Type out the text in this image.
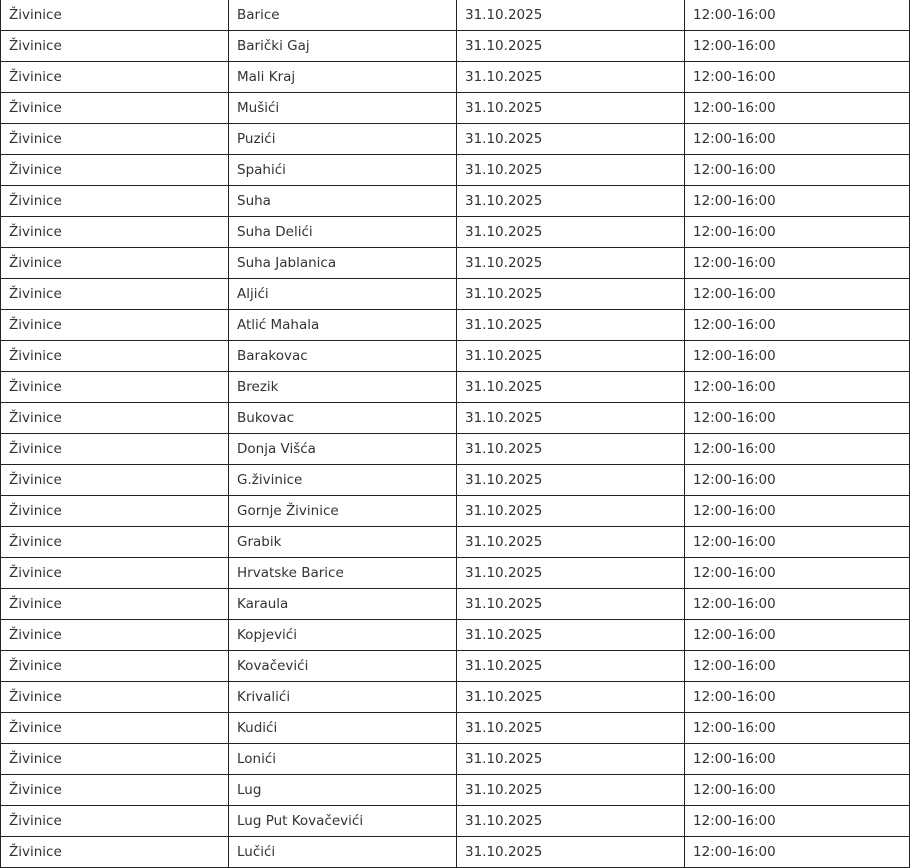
Živinice	Barice	31.10.2025	12:00-16:00
Živinice	Barički Gaj	31.10.2025	12:00-16:00
Živinice	Mali Kraj	31.10.2025	12:00-16:00
Živinice	Mušići	31.10.2025	12:00-16:00
Živinice	Puzići	31.10.2025	12:00-16:00
Živinice	Spahići	31.10.2025	12:00-16:00
Živinice	Suha	31.10.2025	12:00-16:00
Živinice	Suha Delići	31.10.2025	12:00-16:00
Živinice	Suha Jablanica	31.10.2025	12:00-16:00
Živinice	Aljići	31.10.2025	12:00-16:00
Živinice	Atlić Mahala	31.10.2025	12:00-16:00
Živinice	Barakovac	31.10.2025	12:00-16:00
Živinice	Brezik	31.10.2025	12:00-16:00
Živinice	Bukovac	31.10.2025	12:00-16:00
Živinice	Donja Višća	31.10.2025	12:00-16:00
Živinice	G.živinice	31.10.2025	12:00-16:00
Živinice	Gornje Živinice	31.10.2025	12:00-16:00
Živinice	Grabik	31.10.2025	12:00-16:00
Živinice	Hrvatske Barice	31.10.2025	12:00-16:00
Živinice	Karaula	31.10.2025	12:00-16:00
Živinice	Kopjevići	31.10.2025	12:00-16:00
Živinice	Kovačevići	31.10.2025	12:00-16:00
Živinice	Krivalići	31.10.2025	12:00-16:00
Živinice	Kudići	31.10.2025	12:00-16:00
Živinice	Lonići	31.10.2025	12:00-16:00
Živinice	Lug	31.10.2025	12:00-16:00
Živinice	Lug Put Kovačevići	31.10.2025	12:00-16:00
Živinice	Lučići	31.10.2025	12:00-16:00
